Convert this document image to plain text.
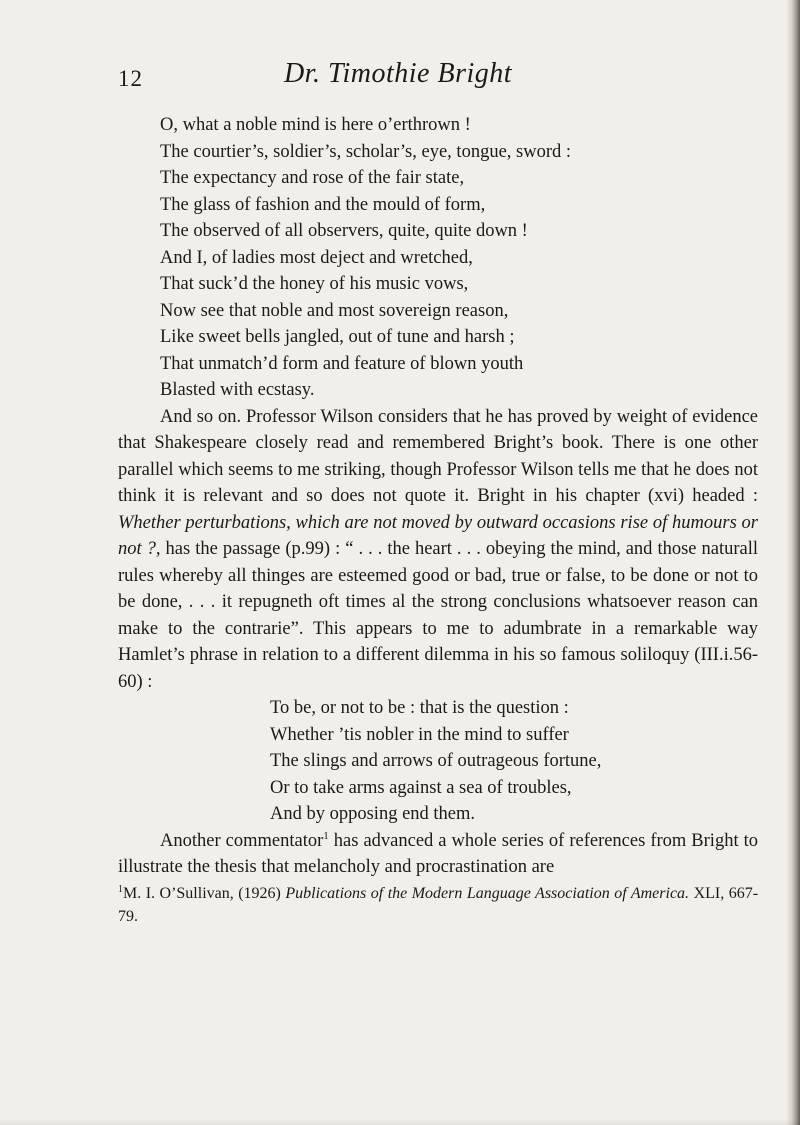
12	Dr. Timothie Bright
O, what a noble mind is here o’erthrown !
The courtier’s, soldier’s, scholar’s, eye, tongue, sword :
The expectancy and rose of the fair state,
The glass of fashion and the mould of form,
The observed of all observers, quite, quite down !
And I, of ladies most deject and wretched,
That suck’d the honey of his music vows,
Now see that noble and most sovereign reason,
Like sweet bells jangled, out of tune and harsh ;
That unmatch’d form and feature of blown youth
Blasted with ecstasy.

And so on. Professor Wilson considers that he has proved by weight of evidence that Shakespeare closely read and remembered Bright’s book. There is one other parallel which seems to me striking, though Professor Wilson tells me that he does not think it is relevant and so does not quote it. Bright in his chapter (xvi) headed : Whether perturbations, which are not moved by outward occasions rise of humours or not ?, has the passage (p.99) : “ . . . the heart . . . obeying the mind, and those naturall rules whereby all thinges are esteemed good or bad, true or false, to be done or not to be done, . . . it repugneth oft times al the strong conclusions whatsoever reason can make to the contrarie”. This appears to me to adumbrate in a remarkable way Hamlet’s phrase in relation to a different dilemma in his so famous soliloquy (III.i.56-60) :

To be, or not to be : that is the question :
Whether ’tis nobler in the mind to suffer
The slings and arrows of outrageous fortune,
Or to take arms against a sea of troubles,
And by opposing end them.

Another commentator$^1$ has advanced a whole series of references from Bright to illustrate the thesis that melancholy and procrastination are

$^1$M. I. O’Sullivan, (1926) Publications of the Modern Language Association of America. XLI, 667-79.
